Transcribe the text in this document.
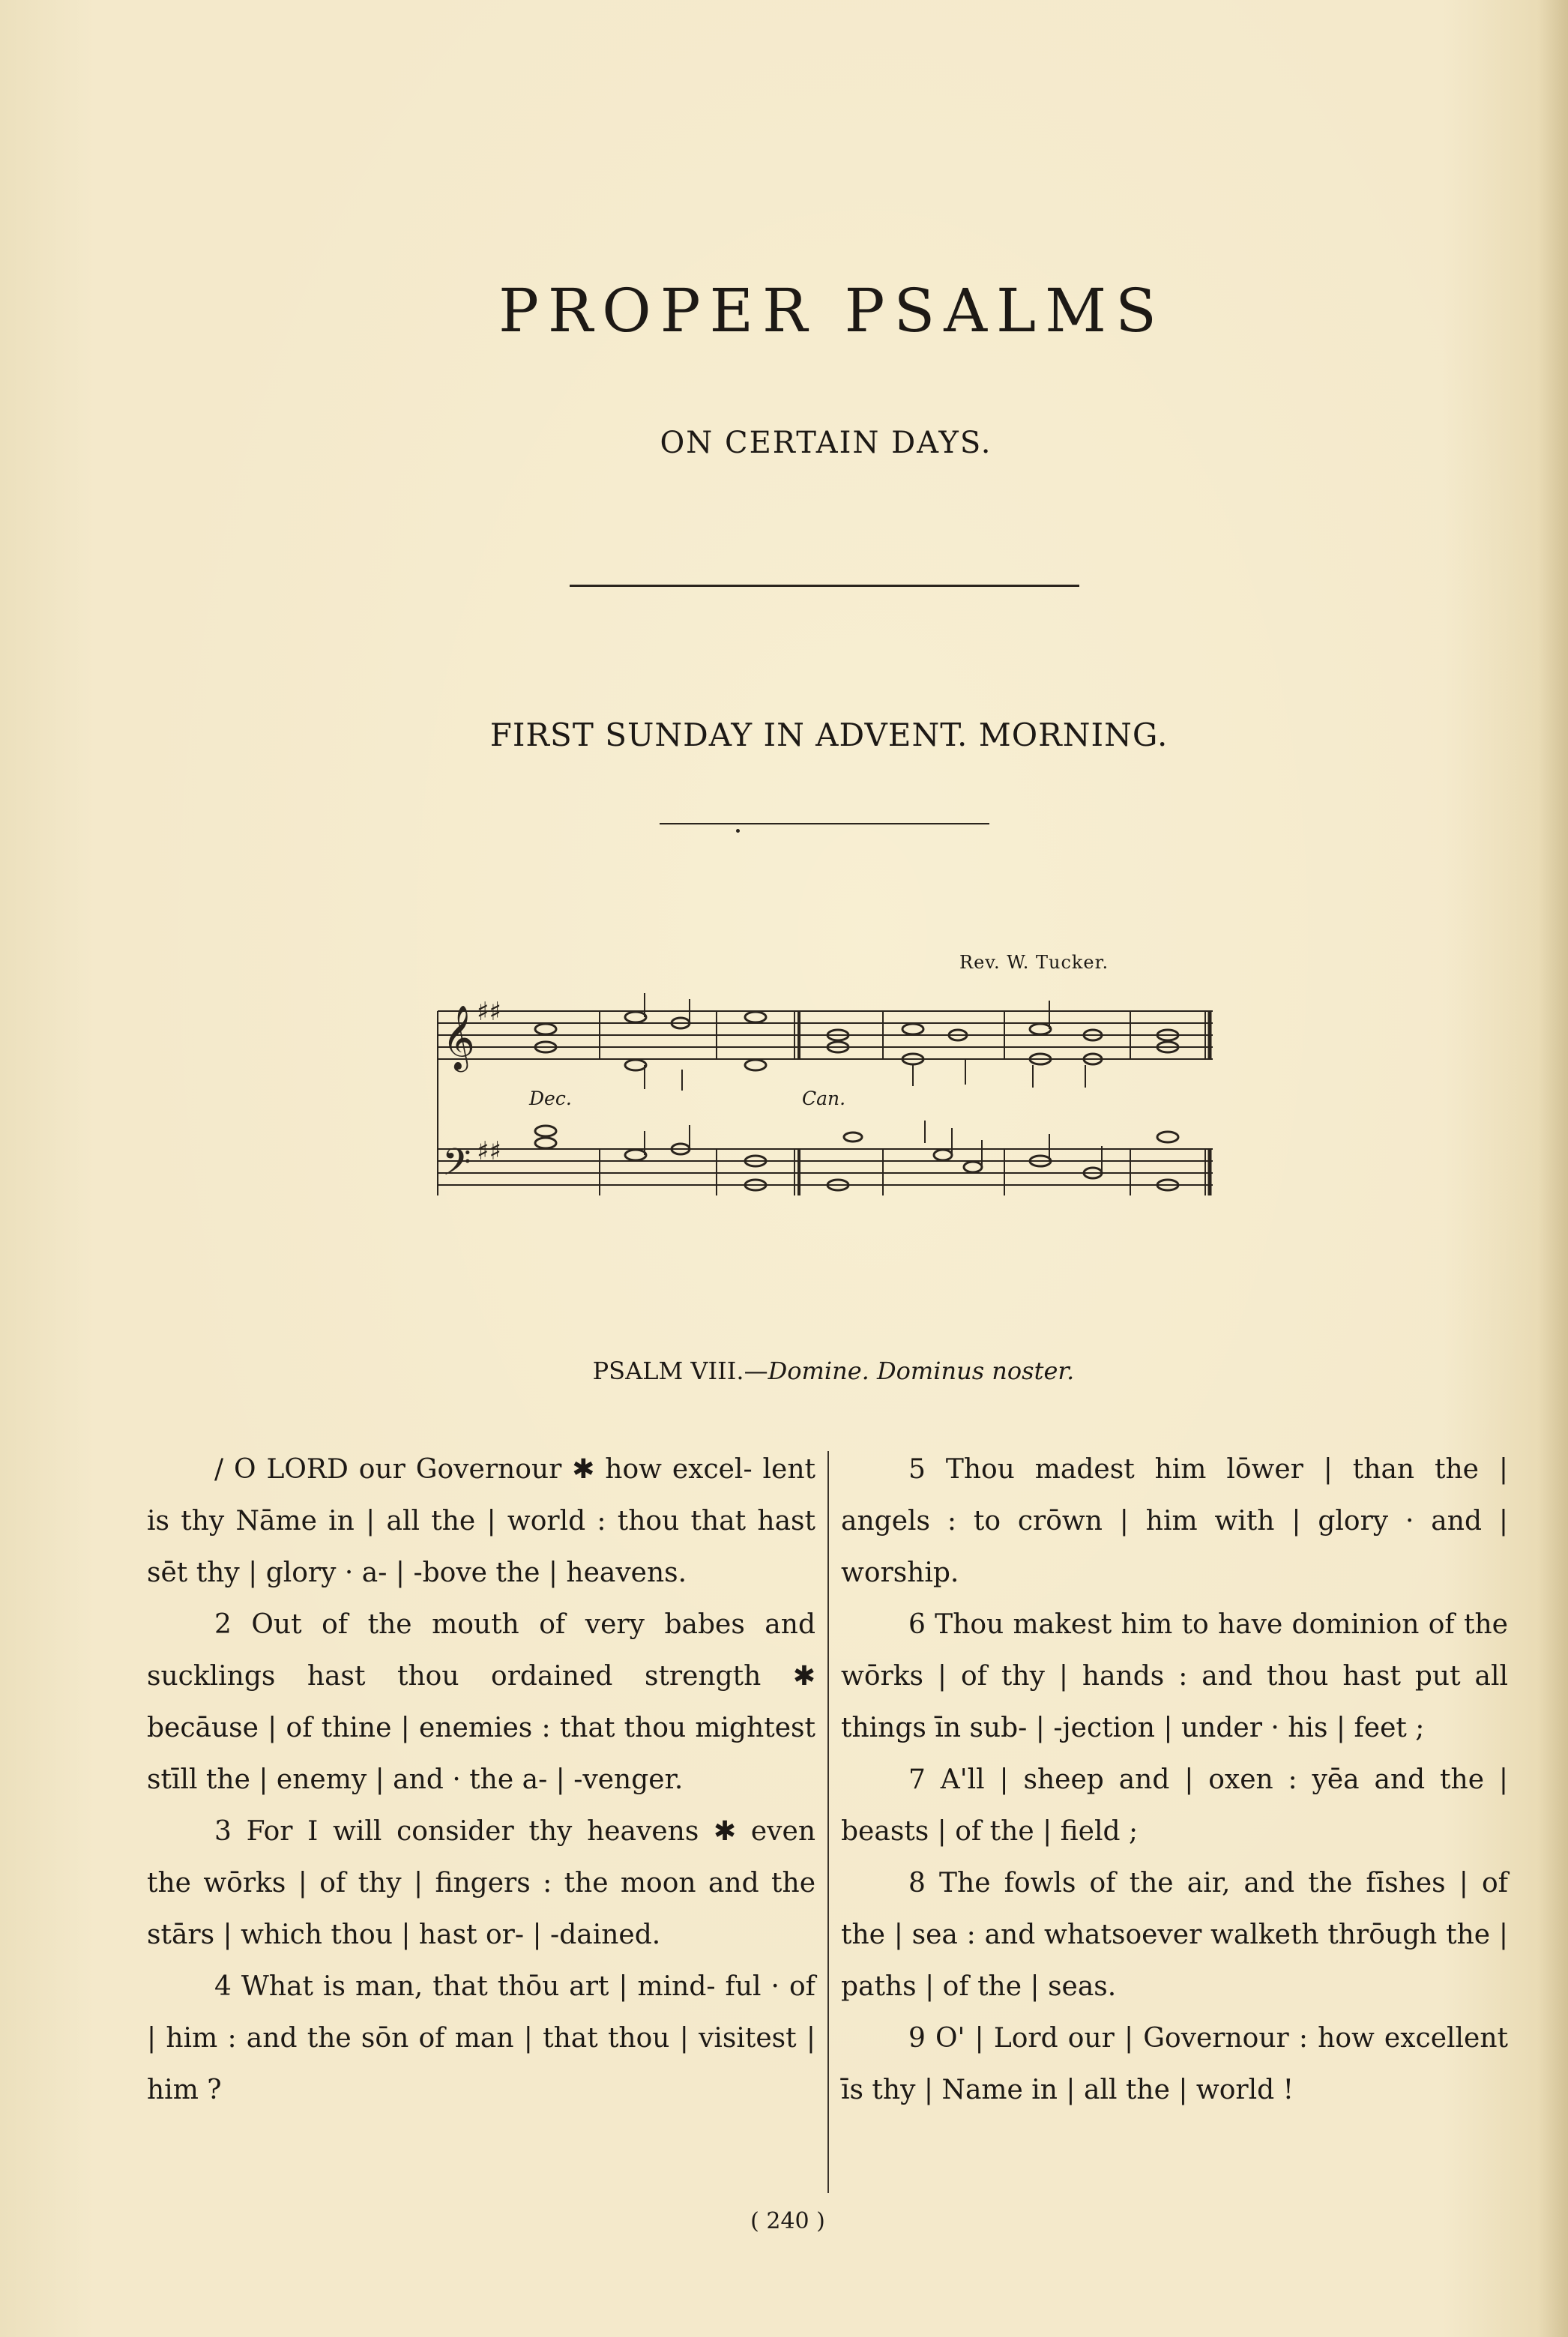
PROPER PSALMS
ON CERTAIN DAYS.
FIRST SUNDAY IN ADVENT. MORNING.
Rev. W. Tucker.
𝄞
𝄢
♯♯
♯♯
Dec.	Can.
PSALM VIII.—Domine. Dominus noster.

/ O LORD our Governour ✱ how excel- lent is thy Nāme in | all the | world : thou that hast sēt thy | glory · a- | -bove the | heavens.

2 Out of the mouth of very babes and sucklings hast thou ordained strength ✱ becāuse | of thine | enemies : that thou mightest stīll the | enemy | and · the a- | -venger.

3 For I will consider thy heavens ✱ even the wōrks | of thy | fingers : the moon and the stārs | which thou | hast or- | -dained.

4 What is man, that thōu art | mind- ful · of | him : and the sōn of man | that thou | visitest | him ?

5 Thou madest him lōwer | than the | angels : to crōwn | him with | glory · and | worship.

6 Thou makest him to have dominion of the wōrks | of thy | hands : and thou hast put all things īn sub- | -jection | under · his | feet ;

7 A'll | sheep and | oxen : yēa and the | beasts | of the | field ;

8 The fowls of the air, and the fīshes | of the | sea : and whatsoever walketh thrōugh the | paths | of the | seas.

9 O' | Lord our | Governour : how excellent īs thy | Name in | all the | world !

( 240 )
